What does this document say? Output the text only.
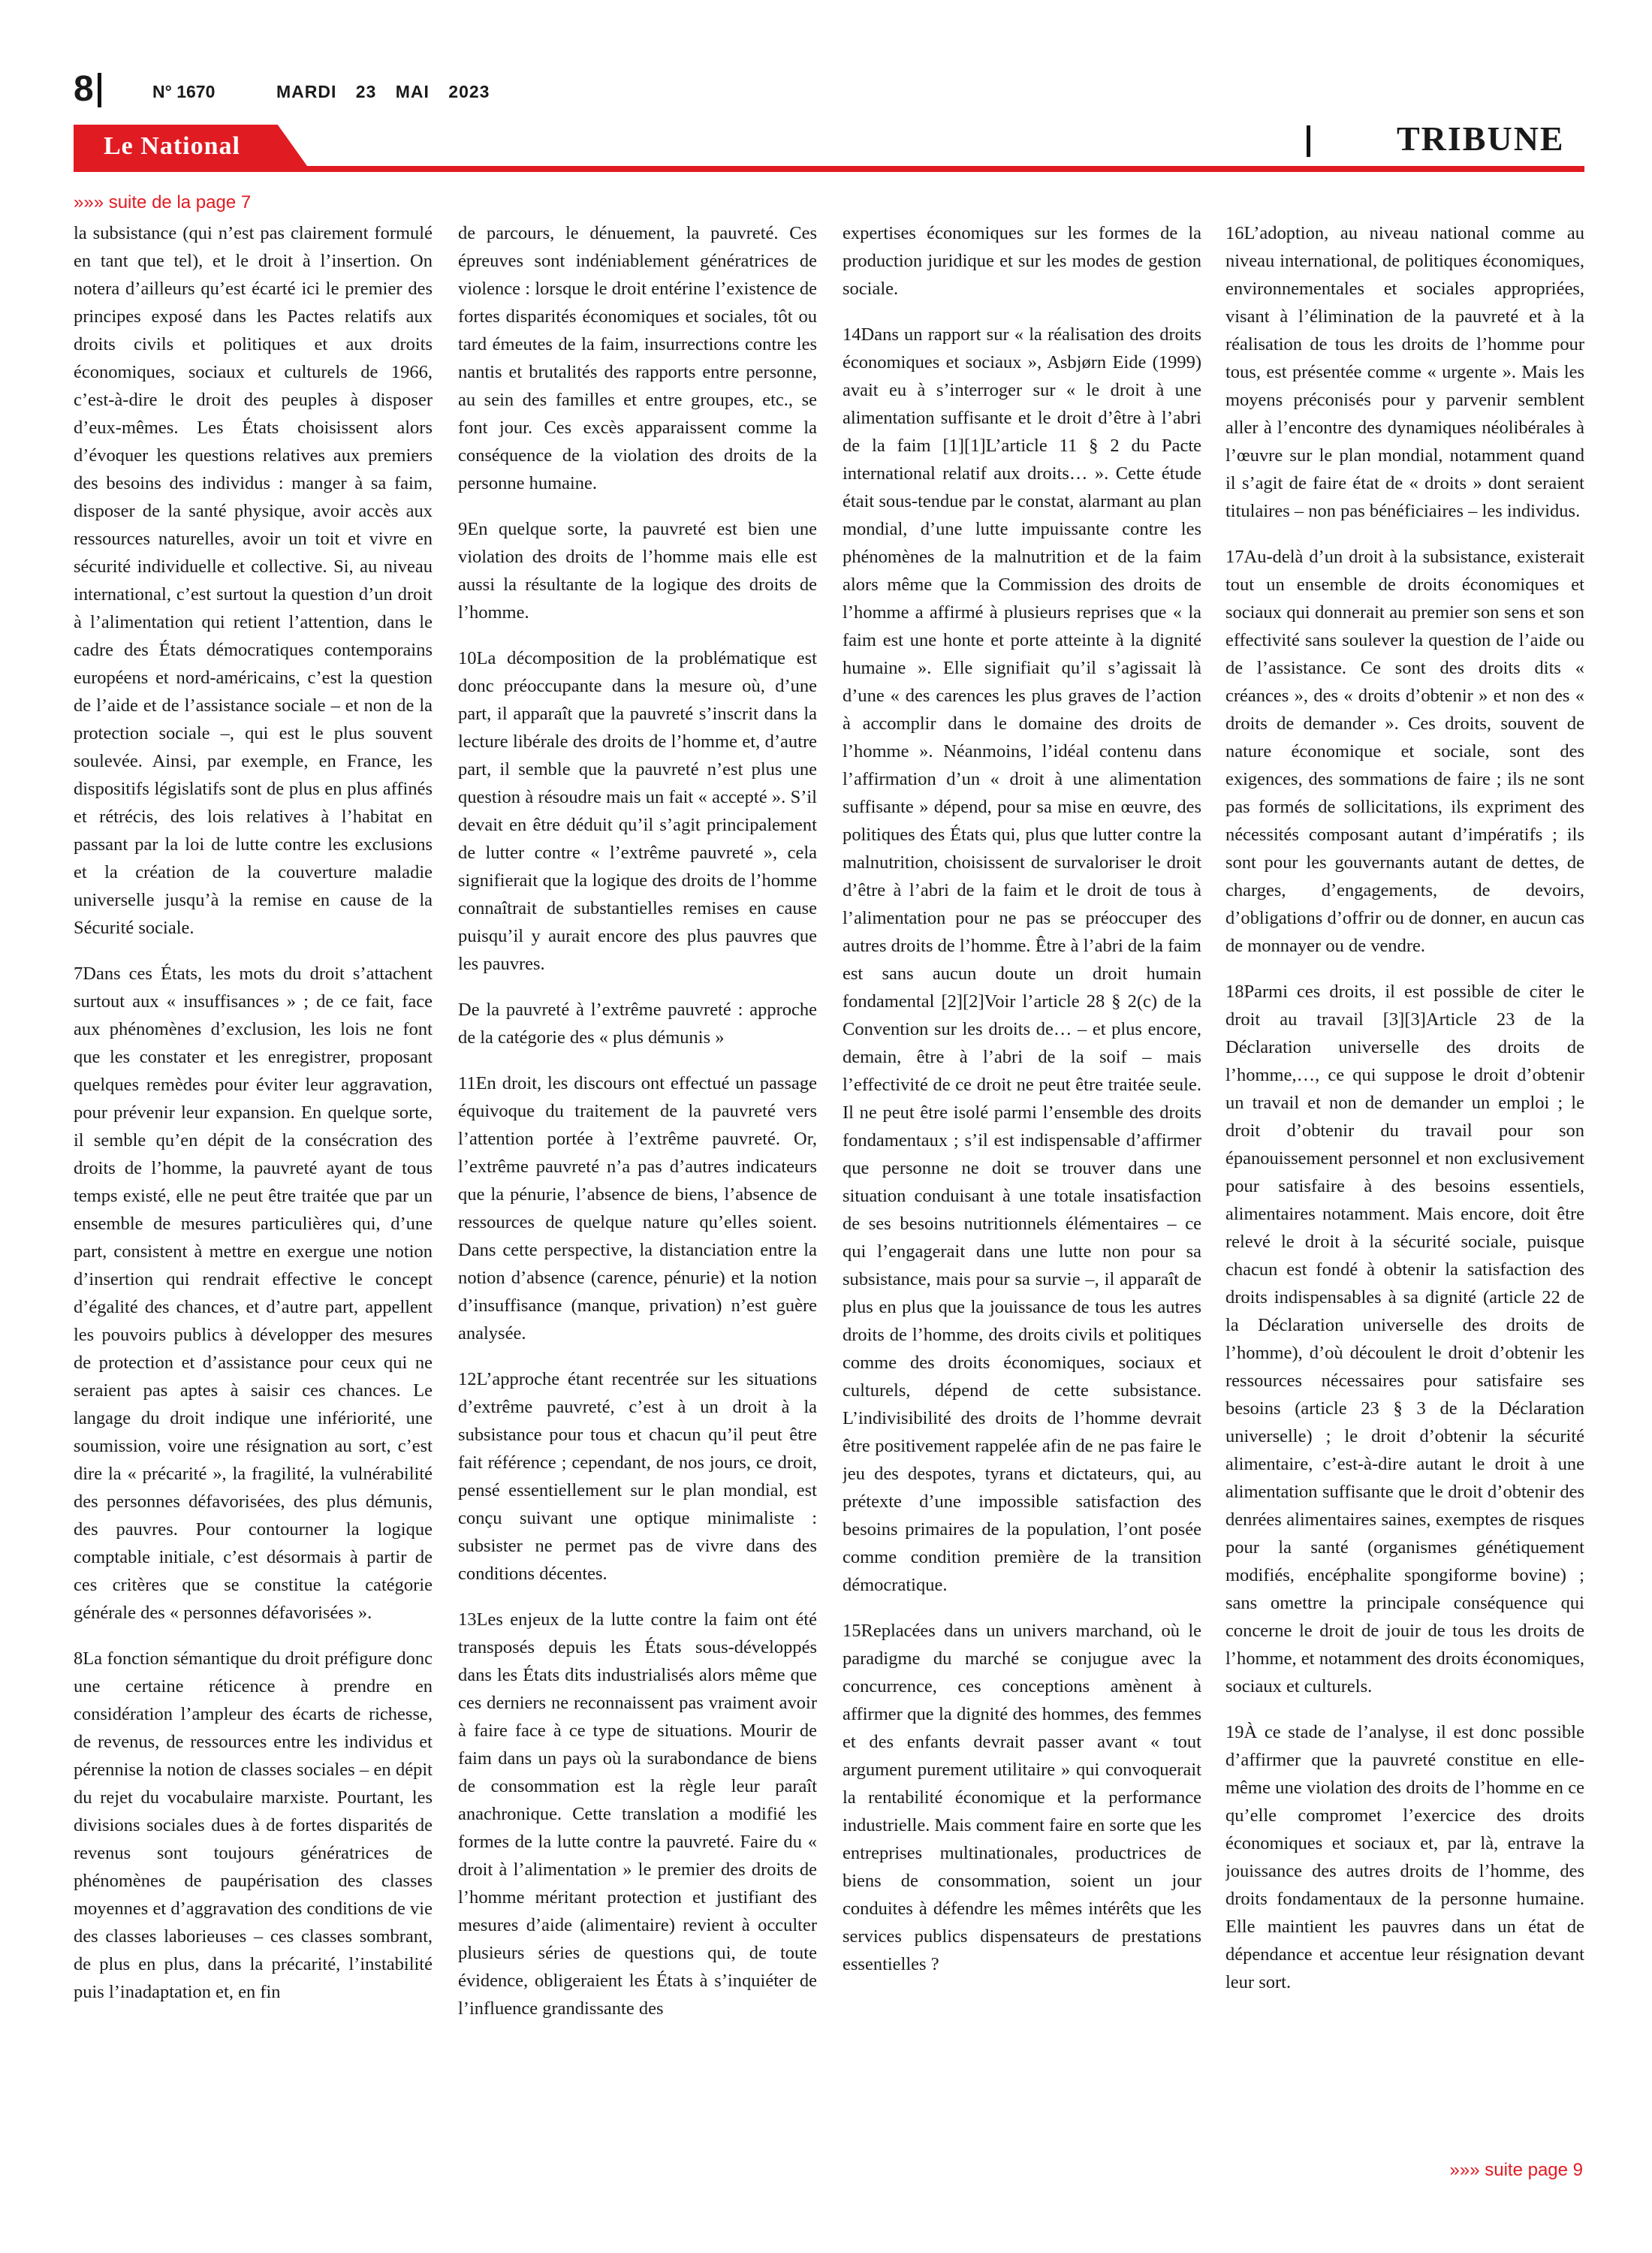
8	N° 1670	MARDI 23 MAI 2023
Le National	TRIBUNE
»»» suite de la page 7

la subsistance (qui n’est pas clairement formulé en tant que tel), et le droit à l’insertion. On notera d’ailleurs qu’est écarté ici le premier des principes exposé dans les Pactes relatifs aux droits civils et politiques et aux droits économiques, sociaux et culturels de 1966, c’est-à-dire le droit des peuples à disposer d’eux-mêmes. Les États choisissent alors d’évoquer les questions relatives aux premiers des besoins des individus : manger à sa faim, disposer de la santé physique, avoir accès aux ressources naturelles, avoir un toit et vivre en sécurité individuelle et collective. Si, au niveau international, c’est surtout la question d’un droit à l’alimentation qui retient l’attention, dans le cadre des États démocratiques contemporains européens et nord-américains, c’est la question de l’aide et de l’assistance sociale – et non de la protection sociale –, qui est le plus souvent soulevée. Ainsi, par exemple, en France, les dispositifs législatifs sont de plus en plus affinés et rétrécis, des lois relatives à l’habitat en passant par la loi de lutte contre les exclusions et la création de la couverture maladie universelle jusqu’à la remise en cause de la Sécurité sociale.

7Dans ces États, les mots du droit s’attachent surtout aux « insuffisances » ; de ce fait, face aux phénomènes d’exclusion, les lois ne font que les constater et les enregistrer, proposant quelques remèdes pour éviter leur aggravation, pour prévenir leur expansion. En quelque sorte, il semble qu’en dépit de la consécration des droits de l’homme, la pauvreté ayant de tous temps existé, elle ne peut être traitée que par un ensemble de mesures particulières qui, d’une part, consistent à mettre en exergue une notion d’insertion qui rendrait effective le concept d’égalité des chances, et d’autre part, appellent les pouvoirs publics à développer des mesures de protection et d’assistance pour ceux qui ne seraient pas aptes à saisir ces chances. Le langage du droit indique une infériorité, une soumission, voire une résignation au sort, c’est dire la « précarité », la fragilité, la vulnérabilité des personnes défavorisées, des plus démunis, des pauvres. Pour contourner la logique comptable initiale, c’est désormais à partir de ces critères que se constitue la catégorie générale des « personnes défavorisées ».

8La fonction sémantique du droit préfigure donc une certaine réticence à prendre en considération l’ampleur des écarts de richesse, de revenus, de ressources entre les individus et pérennise la notion de classes sociales – en dépit du rejet du vocabulaire marxiste. Pourtant, les divisions sociales dues à de fortes disparités de revenus sont toujours génératrices de phénomènes de paupérisation des classes moyennes et d’aggravation des conditions de vie des classes laborieuses – ces classes sombrant, de plus en plus, dans la précarité, l’instabilité puis l’inadaptation et, en fin

de parcours, le dénuement, la pauvreté. Ces épreuves sont indéniablement génératrices de violence : lorsque le droit entérine l’existence de fortes disparités économiques et sociales, tôt ou tard émeutes de la faim, insurrections contre les nantis et brutalités des rapports entre personne, au sein des familles et entre groupes, etc., se font jour. Ces excès apparaissent comme la conséquence de la violation des droits de la personne humaine.

9En quelque sorte, la pauvreté est bien une violation des droits de l’homme mais elle est aussi la résultante de la logique des droits de l’homme.

10La décomposition de la problématique est donc préoccupante dans la mesure où, d’une part, il apparaît que la pauvreté s’inscrit dans la lecture libérale des droits de l’homme et, d’autre part, il semble que la pauvreté n’est plus une question à résoudre mais un fait « accepté ». S’il devait en être déduit qu’il s’agit principalement de lutter contre « l’extrême pauvreté », cela signifierait que la logique des droits de l’homme connaîtrait de substantielles remises en cause puisqu’il y aurait encore des plus pauvres que les pauvres.

De la pauvreté à l’extrême pauvreté : approche de la catégorie des « plus démunis »

11En droit, les discours ont effectué un passage équivoque du traitement de la pauvreté vers l’attention portée à l’extrême pauvreté. Or, l’extrême pauvreté n’a pas d’autres indicateurs que la pénurie, l’absence de biens, l’absence de ressources de quelque nature qu’elles soient. Dans cette perspective, la distanciation entre la notion d’absence (carence, pénurie) et la notion d’insuffisance (manque, privation) n’est guère analysée.

12L’approche étant recentrée sur les situations d’extrême pauvreté, c’est à un droit à la subsistance pour tous et chacun qu’il peut être fait référence ; cependant, de nos jours, ce droit, pensé essentiellement sur le plan mondial, est conçu suivant une optique minimaliste : subsister ne permet pas de vivre dans des conditions décentes.

13Les enjeux de la lutte contre la faim ont été transposés depuis les États sous-développés dans les États dits industrialisés alors même que ces derniers ne reconnaissent pas vraiment avoir à faire face à ce type de situations. Mourir de faim dans un pays où la surabondance de biens de consommation est la règle leur paraît anachronique. Cette translation a modifié les formes de la lutte contre la pauvreté. Faire du « droit à l’alimentation » le premier des droits de l’homme méritant protection et justifiant des mesures d’aide (alimentaire) revient à occulter plusieurs séries de questions qui, de toute évidence, obligeraient les États à s’inquiéter de l’influence grandissante des

expertises économiques sur les formes de la production juridique et sur les modes de gestion sociale.

14Dans un rapport sur « la réalisation des droits économiques et sociaux », Asbjørn Eide (1999) avait eu à s’interroger sur « le droit à une alimentation suffisante et le droit d’être à l’abri de la faim [1][1]L’article 11 § 2 du Pacte international relatif aux droits… ». Cette étude était sous-tendue par le constat, alarmant au plan mondial, d’une lutte impuissante contre les phénomènes de la malnutrition et de la faim alors même que la Commission des droits de l’homme a affirmé à plusieurs reprises que « la faim est une honte et porte atteinte à la dignité humaine ». Elle signifiait qu’il s’agissait là d’une « des carences les plus graves de l’action à accomplir dans le domaine des droits de l’homme ». Néanmoins, l’idéal contenu dans l’affirmation d’un « droit à une alimentation suffisante » dépend, pour sa mise en œuvre, des politiques des États qui, plus que lutter contre la malnutrition, choisissent de survaloriser le droit d’être à l’abri de la faim et le droit de tous à l’alimentation pour ne pas se préoccuper des autres droits de l’homme. Être à l’abri de la faim est sans aucun doute un droit humain fondamental [2][2]Voir l’article 28 § 2(c) de la Convention sur les droits de… – et plus encore, demain, être à l’abri de la soif – mais l’effectivité de ce droit ne peut être traitée seule. Il ne peut être isolé parmi l’ensemble des droits fondamentaux ; s’il est indispensable d’affirmer que personne ne doit se trouver dans une situation conduisant à une totale insatisfaction de ses besoins nutritionnels élémentaires – ce qui l’engagerait dans une lutte non pour sa subsistance, mais pour sa survie –, il apparaît de plus en plus que la jouissance de tous les autres droits de l’homme, des droits civils et politiques comme des droits économiques, sociaux et culturels, dépend de cette subsistance. L’indivisibilité des droits de l’homme devrait être positivement rappelée afin de ne pas faire le jeu des despotes, tyrans et dictateurs, qui, au prétexte d’une impossible satisfaction des besoins primaires de la population, l’ont posée comme condition première de la transition démocratique.

15Replacées dans un univers marchand, où le paradigme du marché se conjugue avec la concurrence, ces conceptions amènent à affirmer que la dignité des hommes, des femmes et des enfants devrait passer avant « tout argument purement utilitaire » qui convoquerait la rentabilité économique et la performance industrielle. Mais comment faire en sorte que les entreprises multinationales, productrices de biens de consommation, soient un jour conduites à défendre les mêmes intérêts que les services publics dispensateurs de prestations essentielles ?

16L’adoption, au niveau national comme au niveau international, de politiques économiques, environnementales et sociales appropriées, visant à l’élimination de la pauvreté et à la réalisation de tous les droits de l’homme pour tous, est présentée comme « urgente ». Mais les moyens préconisés pour y parvenir semblent aller à l’encontre des dynamiques néolibérales à l’œuvre sur le plan mondial, notamment quand il s’agit de faire état de « droits » dont seraient titulaires – non pas bénéficiaires – les individus.

17Au-delà d’un droit à la subsistance, existerait tout un ensemble de droits économiques et sociaux qui donnerait au premier son sens et son effectivité sans soulever la question de l’aide ou de l’assistance. Ce sont des droits dits « créances », des « droits d’obtenir » et non des « droits de demander ». Ces droits, souvent de nature économique et sociale, sont des exigences, des sommations de faire ; ils ne sont pas formés de sollicitations, ils expriment des nécessités composant autant d’impératifs ; ils sont pour les gouvernants autant de dettes, de charges, d’engagements, de devoirs, d’obligations d’offrir ou de donner, en aucun cas de monnayer ou de vendre.

18Parmi ces droits, il est possible de citer le droit au travail [3][3]Article 23 de la Déclaration universelle des droits de l’homme,…, ce qui suppose le droit d’obtenir un travail et non de demander un emploi ; le droit d’obtenir du travail pour son épanouissement personnel et non exclusivement pour satisfaire à des besoins essentiels, alimentaires notamment. Mais encore, doit être relevé le droit à la sécurité sociale, puisque chacun est fondé à obtenir la satisfaction des droits indispensables à sa dignité (article 22 de la Déclaration universelle des droits de l’homme), d’où découlent le droit d’obtenir les ressources nécessaires pour satisfaire ses besoins (article 23 § 3 de la Déclaration universelle) ; le droit d’obtenir la sécurité alimentaire, c’est-à-dire autant le droit à une alimentation suffisante que le droit d’obtenir des denrées alimentaires saines, exemptes de risques pour la santé (organismes génétiquement modifiés, encéphalite spongiforme bovine) ; sans omettre la principale conséquence qui concerne le droit de jouir de tous les droits de l’homme, et notamment des droits économiques, sociaux et culturels.

19À ce stade de l’analyse, il est donc possible d’affirmer que la pauvreté constitue en elle-même une violation des droits de l’homme en ce qu’elle compromet l’exercice des droits économiques et sociaux et, par là, entrave la jouissance des autres droits de l’homme, des droits fondamentaux de la personne humaine. Elle maintient les pauvres dans un état de dépendance et accentue leur résignation devant leur sort.

»»» suite page 9
